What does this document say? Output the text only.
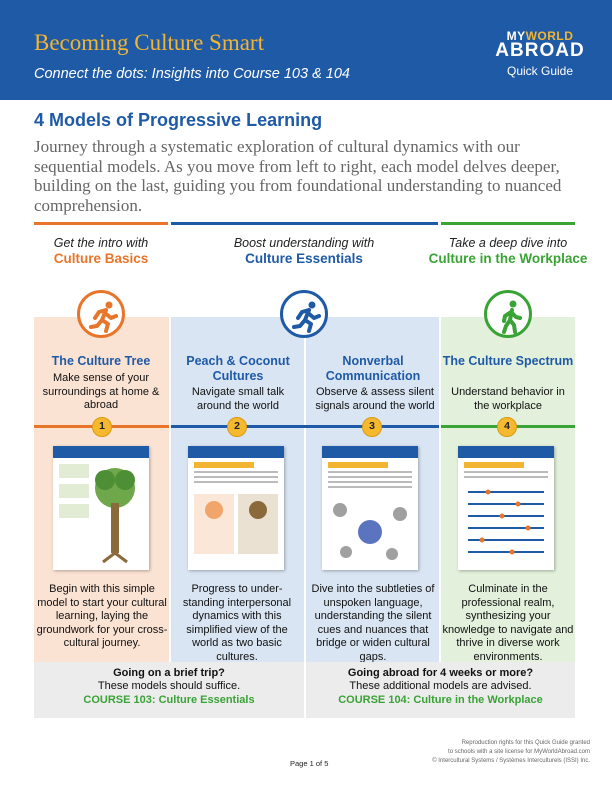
Becoming Culture Smart
Connect the dots: Insights into Course 103 & 104
MYWORLD
ABROAD
Quick Guide
4 Models of Progressive Learning
Journey through a systematic exploration of cultural dynamics with our sequential models. As you move from left to right, each model delves deeper, building on the last, guiding you from foundational understanding to nuanced comprehension.
Get the intro with
Culture Basics
Boost understanding with
Culture Essentials
Take a deep dive into
Culture in the Workplace
The Culture Tree	Peach & Coconut Cultures
Nonverbal Communication
The Culture Spectrum
Make sense of your surroundings at home & abroad
Navigate small talk around the world
Observe & assess silent signals around the world
Understand behavior in the workplace
1	2	3	4
Begin with this simple model to start your cultural learning, laying the groundwork for your cross-cultural journey.
Progress to under-standing interpersonal dynamics with this simplified view of the world as two basic cultures.
Dive into the subtleties of unspoken language, understanding the silent cues and nuances that bridge or widen cultural gaps.
Culminate in the professional realm, synthesizing your knowledge to navigate and thrive in diverse work environments.
Going on a brief trip?
These models should suffice.
COURSE 103: Culture Essentials
Going abroad for 4 weeks or more?
These additional models are advised.
COURSE 104: Culture in the Workplace
Page 1 of 5
Reproduction rights for this Quick Guide granted
to schools with a site license for MyWorldAbroad.com
© Intercultural Systems / Systèmes Interculturels (ISSI) Inc.
